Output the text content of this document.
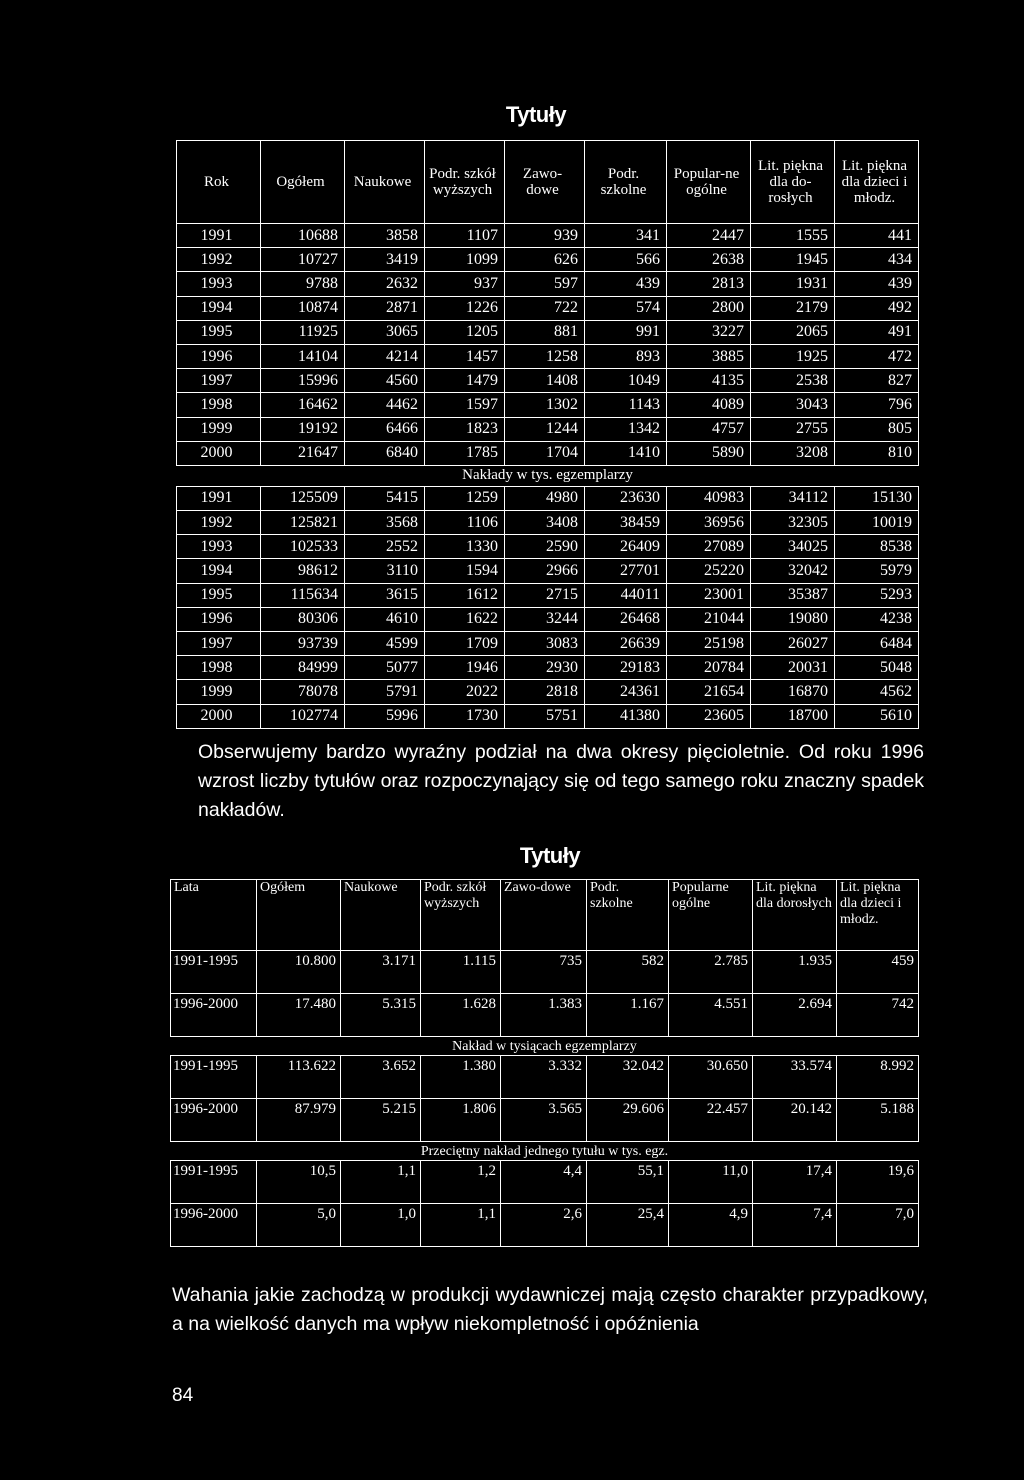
Tytuły
Rok	Ogółem	Naukowe	Podr. szkół wyższych	Zawo-dowe	Podr. szkolne	Popular-ne ogólne	Lit. piękna dla do-rosłych	Lit. piękna dla dzieci i młodz.
1991	10688	3858	1107	939	341	2447	1555	441
1992	10727	3419	1099	626	566	2638	1945	434
1993	9788	2632	937	597	439	2813	1931	439
1994	10874	2871	1226	722	574	2800	2179	492
1995	11925	3065	1205	881	991	3227	2065	491
1996	14104	4214	1457	1258	893	3885	1925	472
1997	15996	4560	1479	1408	1049	4135	2538	827
1998	16462	4462	1597	1302	1143	4089	3043	796
1999	19192	6466	1823	1244	1342	4757	2755	805
2000	21647	6840	1785	1704	1410	5890	3208	810
Nakłady w tys. egzemplarzy								
1991	125509	5415	1259	4980	23630	40983	34112	15130
1992	125821	3568	1106	3408	38459	36956	32305	10019
1993	102533	2552	1330	2590	26409	27089	34025	8538
1994	98612	3110	1594	2966	27701	25220	32042	5979
1995	115634	3615	1612	2715	44011	23001	35387	5293
1996	80306	4610	1622	3244	26468	21044	19080	4238
1997	93739	4599	1709	3083	26639	25198	26027	6484
1998	84999	5077	1946	2930	29183	20784	20031	5048
1999	78078	5791	2022	2818	24361	21654	16870	4562
2000	102774	5996	1730	5751	41380	23605	18700	5610
Obserwujemy bardzo wyraźny podział na dwa okresy pięcioletnie. Od roku 1996 wzrost liczby tytułów oraz rozpoczynający się od tego samego roku znaczny spadek nakładów.
Tytuły
Lata	Ogółem	Naukowe	Podr. szkół wyższych	Zawo-dowe	Podr. szkolne	Popularne ogólne	Lit. piękna dla dorosłych	Lit. piękna dla dzieci i młodz.
1991-1995	10.800	3.171	1.115	735	582	2.785	1.935	459
1996-2000	17.480	5.315	1.628	1.383	1.167	4.551	2.694	742
Nakład w tysiącach egzemplarzy								
1991-1995	113.622	3.652	1.380	3.332	32.042	30.650	33.574	8.992
1996-2000	87.979	5.215	1.806	3.565	29.606	22.457	20.142	5.188
Przeciętny nakład jednego tytułu w tys. egz.								
1991-1995	10,5	1,1	1,2	4,4	55,1	11,0	17,4	19,6
1996-2000	5,0	1,0	1,1	2,6	25,4	4,9	7,4	7,0
Wahania jakie zachodzą w produkcji wydawniczej mają często charakter przypadkowy, a na wielkość danych ma wpływ niekompletność i opóźnienia
84
